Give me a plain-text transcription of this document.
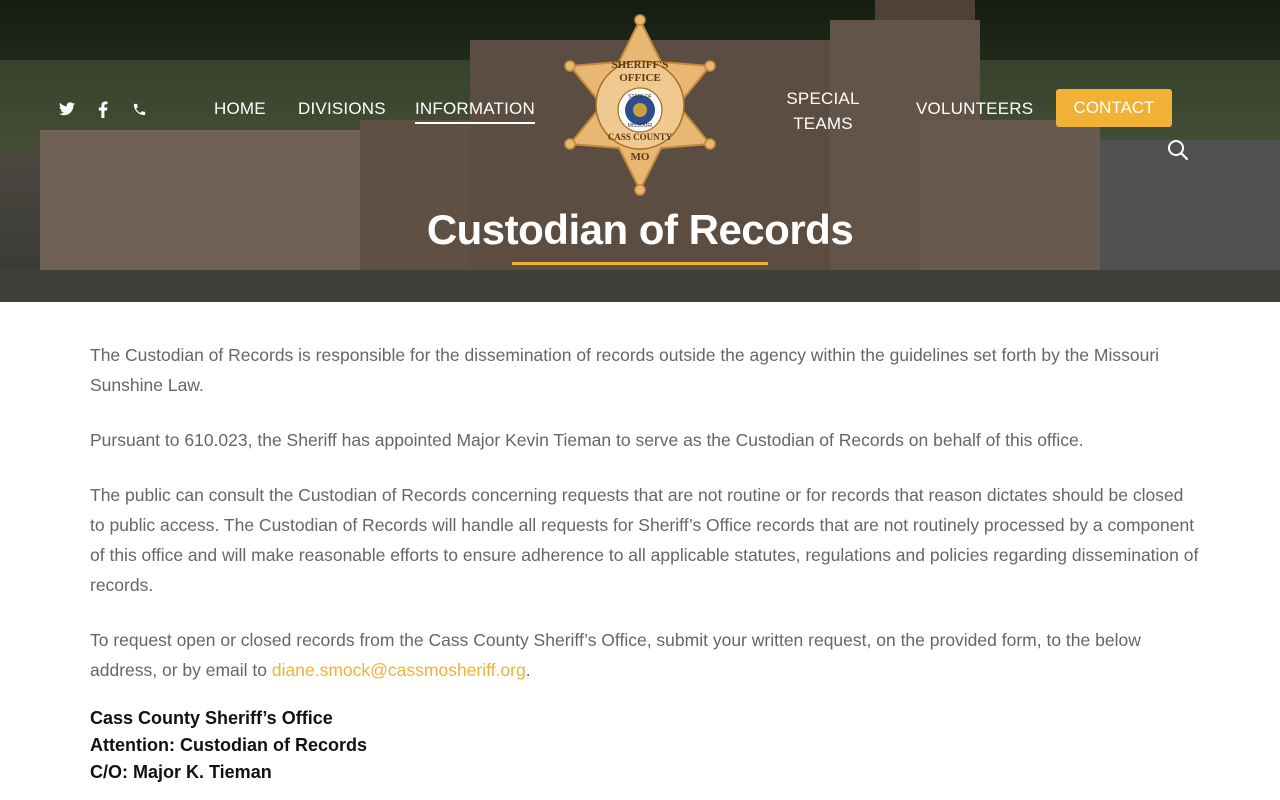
HOME DIVISIONS INFORMATION
SPECIAL
TEAMS
VOLUNTEERS	CONTACT
SHERIFF'S
OFFICE
STATE OF
MISSOURI
CASS COUNTY
MO
Custodian of Records

The Custodian of Records is responsible for the dissemination of records outside the agency within the guidelines set forth by the Missouri Sunshine Law.

Pursuant to 610.023, the Sheriff has appointed Major Kevin Tieman to serve as the Custodian of Records on behalf of this office.

The public can consult the Custodian of Records concerning requests that are not routine or for records that reason dictates should be closed to public access. The Custodian of Records will handle all requests for Sheriff’s Office records that are not routinely processed by a component of this office and will make reasonable efforts to ensure adherence to all applicable statutes, regulations and policies regarding dissemination of records.

To request open or closed records from the Cass County Sheriff’s Office, submit your written request, on the provided form, to the below address, or by email to diane.smock@cassmosheriff.org.

Cass County Sheriff’s Office
Attention: Custodian of Records
C/O: Major K. Tieman
